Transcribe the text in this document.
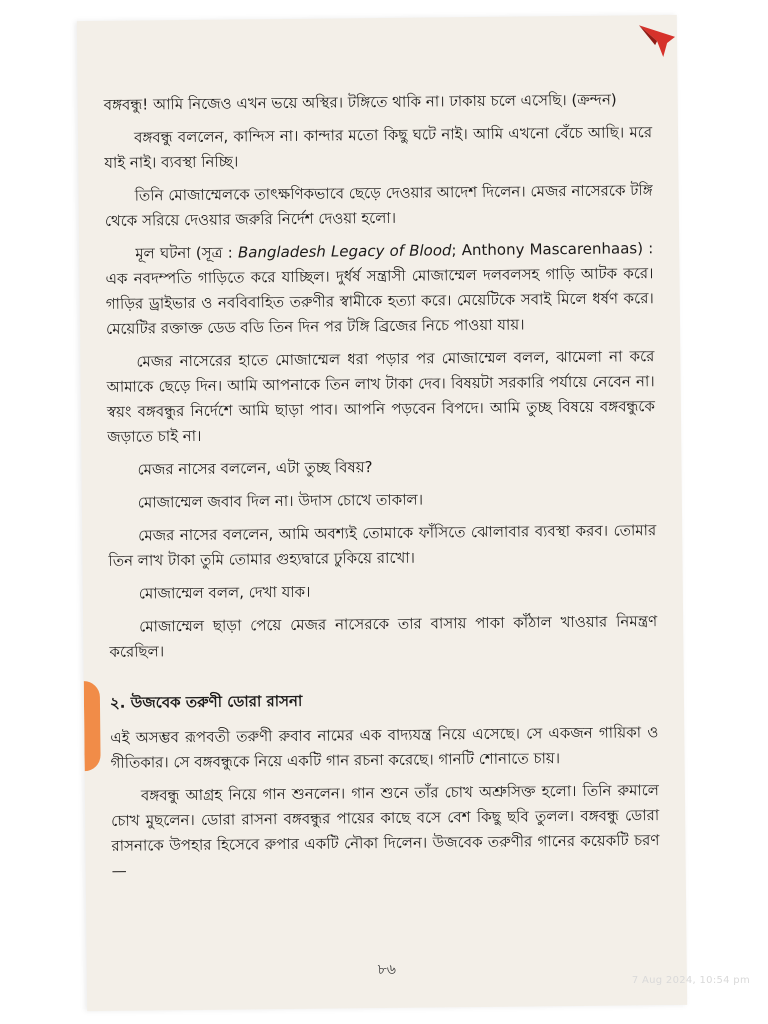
বঙ্গবন্ধু! আমি নিজেও এখন ভয়ে অস্থির। টঙ্গিতে থাকি না। ঢাকায় চলে এসেছি। (ক্রন্দন)

বঙ্গবন্ধু বললেন, কান্দিস না। কান্দার মতো কিছু ঘটে নাই। আমি এখনো বেঁচে আছি। মরে যাই নাই। ব্যবস্থা নিচ্ছি।

তিনি মোজাম্মেলকে তাৎক্ষণিকভাবে ছেড়ে দেওয়ার আদেশ দিলেন। মেজর নাসেরকে টঙ্গি থেকে সরিয়ে দেওয়ার জরুরি নির্দেশ দেওয়া হলো।

মূল ঘটনা (সূত্র : Bangladesh Legacy of Blood; Anthony Mascarenhaas) : এক নবদম্পতি গাড়িতে করে যাচ্ছিল। দুর্ধর্ষ সন্ত্রাসী মোজাম্মেল দলবলসহ গাড়ি আটক করে। গাড়ির ড্রাইভার ও নববিবাহিত তরুণীর স্বামীকে হত্যা করে। মেয়েটিকে সবাই মিলে ধর্ষণ করে। মেয়েটির রক্তাক্ত ডেড বডি তিন দিন পর টঙ্গি ব্রিজের নিচে পাওয়া যায়।

মেজর নাসেরের হাতে মোজাম্মেল ধরা পড়ার পর মোজাম্মেল বলল, ঝামেলা না করে আমাকে ছেড়ে দিন। আমি আপনাকে তিন লাখ টাকা দেব। বিষয়টা সরকারি পর্যায়ে নেবেন না। স্বয়ং বঙ্গবন্ধুর নির্দেশে আমি ছাড়া পাব। আপনি পড়বেন বিপদে। আমি তুচ্ছ বিষয়ে বঙ্গবন্ধুকে জড়াতে চাই না।

মেজর নাসের বললেন, এটা তুচ্ছ বিষয়?

মোজাম্মেল জবাব দিল না। উদাস চোখে তাকাল।

মেজর নাসের বললেন, আমি অবশ্যই তোমাকে ফাঁসিতে ঝোলাবার ব্যবস্থা করব। তোমার তিন লাখ টাকা তুমি তোমার গুহ্যদ্বারে ঢুকিয়ে রাখো।

মোজাম্মেল বলল, দেখা যাক।

মোজাম্মেল ছাড়া পেয়ে মেজর নাসেরকে তার বাসায় পাকা কাঁঠাল খাওয়ার নিমন্ত্রণ করেছিল।

২. উজবেক তরুণী ডোরা রাসনা

এই অসম্ভব রূপবতী তরুণী রুবাব নামের এক বাদ্যযন্ত্র নিয়ে এসেছে। সে একজন গায়িকা ও গীতিকার। সে বঙ্গবন্ধুকে নিয়ে একটি গান রচনা করেছে। গানটি শোনাতে চায়।

বঙ্গবন্ধু আগ্রহ নিয়ে গান শুনলেন। গান শুনে তাঁর চোখ অশ্রুসিক্ত হলো। তিনি রুমালে চোখ মুছলেন। ডোরা রাসনা বঙ্গবন্ধুর পায়ের কাছে বসে বেশ কিছু ছবি তুলল। বঙ্গবন্ধু ডোরা রাসনাকে উপহার হিসেবে রুপার একটি নৌকা দিলেন। উজবেক তরুণীর গানের কয়েকটি চরণ—

৮৬
7 Aug 2024, 10:54 pm
